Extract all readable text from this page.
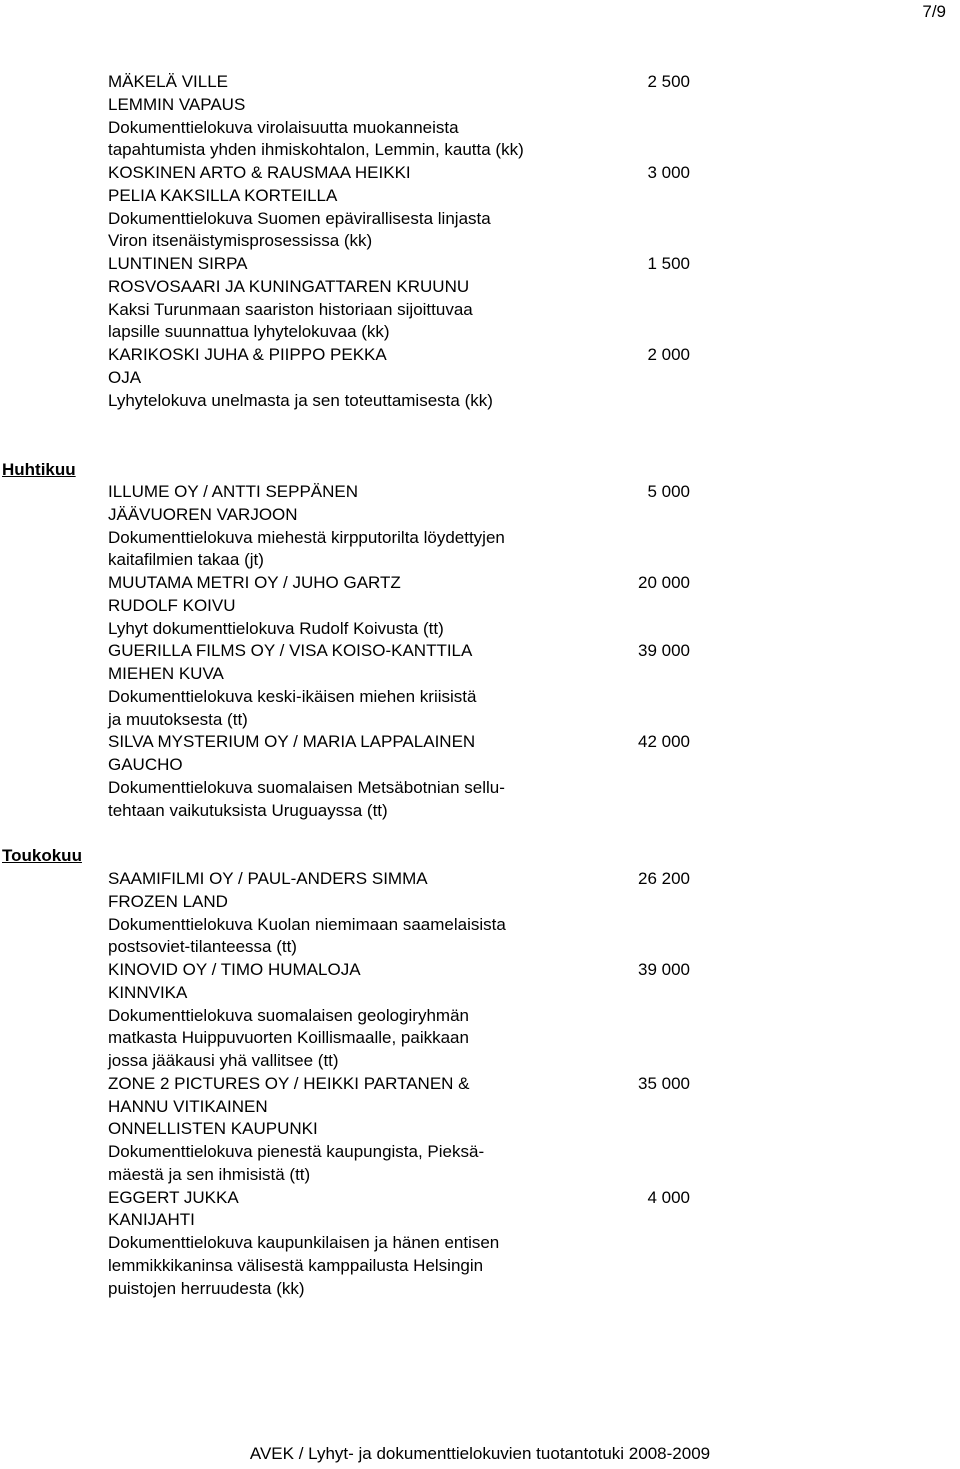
7/9
Huhtikuu
Toukokuu
MÄKELÄ VILLE	2 500
LEMMIN VAPAUS
Dokumenttielokuva virolaisuutta muokanneista
tapahtumista yhden ihmiskohtalon, Lemmin, kautta (kk)
KOSKINEN ARTO & RAUSMAA HEIKKI	3 000
PELIA KAKSILLA KORTEILLA
Dokumenttielokuva Suomen epävirallisesta linjasta
Viron itsenäistymisprosessissa (kk)
LUNTINEN SIRPA	1 500
ROSVOSAARI JA KUNINGATTAREN KRUUNU
Kaksi Turunmaan saariston historiaan sijoittuvaa
lapsille suunnattua lyhytelokuvaa (kk)
KARIKOSKI JUHA & PIIPPO PEKKA	2 000
OJA
Lyhytelokuva unelmasta ja sen toteuttamisesta (kk)
ILLUME OY / ANTTI SEPPÄNEN	5 000
JÄÄVUOREN VARJOON
Dokumenttielokuva miehestä kirpputorilta löydettyjen
kaitafilmien takaa (jt)
MUUTAMA METRI OY / JUHO GARTZ	20 000
RUDOLF KOIVU
Lyhyt dokumenttielokuva Rudolf Koivusta (tt)
GUERILLA FILMS OY / VISA KOISO-KANTTILA	39 000
MIEHEN KUVA
Dokumenttielokuva keski-ikäisen miehen kriisistä
ja muutoksesta (tt)
SILVA MYSTERIUM OY / MARIA LAPPALAINEN	42 000
GAUCHO
Dokumenttielokuva suomalaisen Metsäbotnian sellu-
tehtaan vaikutuksista Uruguayssa (tt)
SAAMIFILMI OY / PAUL-ANDERS SIMMA	26 200
FROZEN LAND
Dokumenttielokuva Kuolan niemimaan saamelaisista
postsoviet-tilanteessa (tt)
KINOVID OY / TIMO HUMALOJA	39 000
KINNVIKA
Dokumenttielokuva suomalaisen geologiryhmän
matkasta Huippuvuorten Koillismaalle, paikkaan
jossa jääkausi yhä vallitsee (tt)
ZONE 2 PICTURES OY / HEIKKI PARTANEN &	35 000
HANNU VITIKAINEN
ONNELLISTEN KAUPUNKI
Dokumenttielokuva pienestä kaupungista, Pieksä-
mäestä ja sen ihmisistä (tt)
EGGERT JUKKA	4 000
KANIJAHTI
Dokumenttielokuva kaupunkilaisen ja hänen entisen
lemmikkikaninsa välisestä kamppailusta Helsingin
puistojen herruudesta (kk)
AVEK / Lyhyt- ja dokumenttielokuvien tuotantotuki 2008-2009
